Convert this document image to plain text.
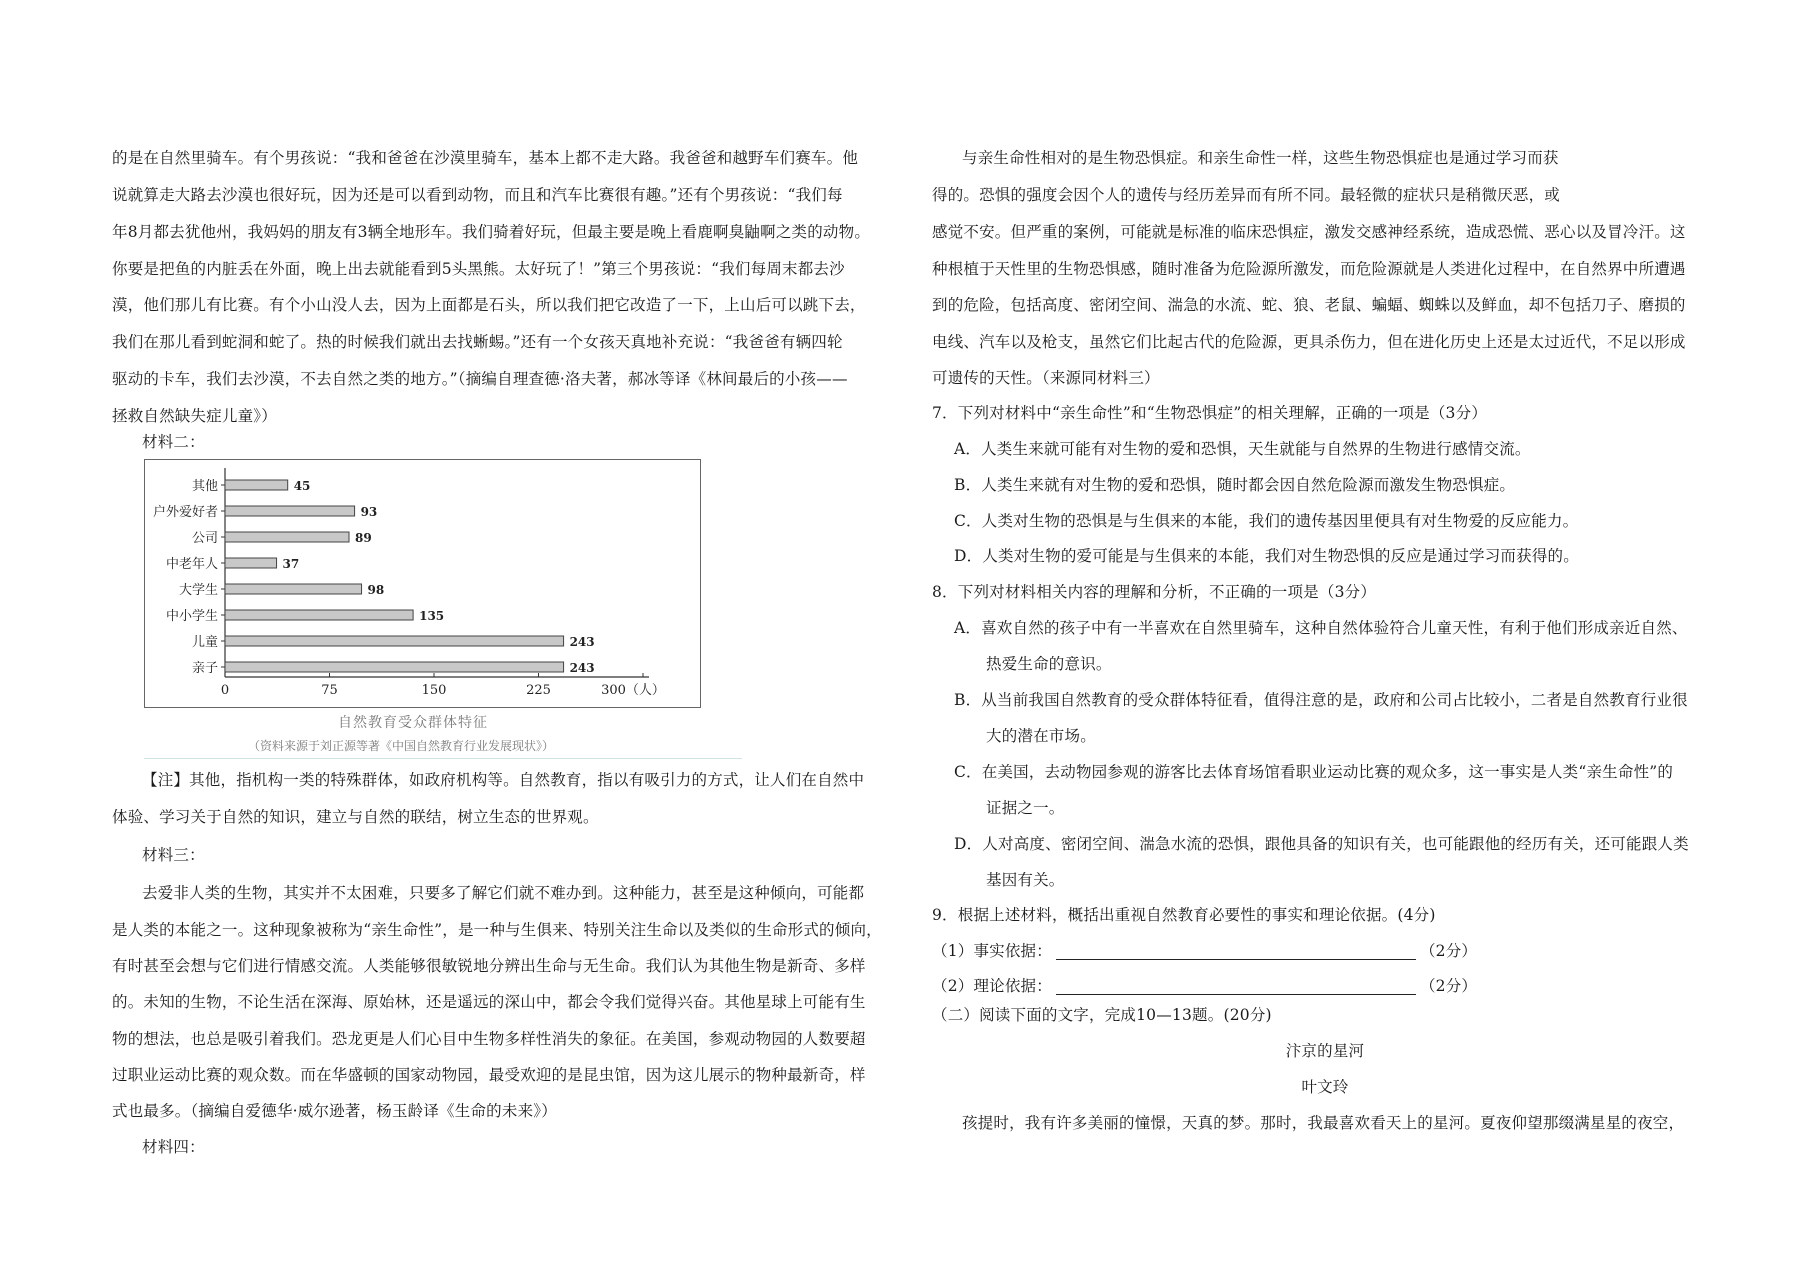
的是在自然里骑车。有个男孩说：“我和爸爸在沙漠里骑车，基本上都不走大路。我爸爸和越野车们赛车。他
说就算走大路去沙漠也很好玩，因为还是可以看到动物，而且和汽车比赛很有趣。”还有个男孩说：“我们每
年8月都去犹他州，我妈妈的朋友有3辆全地形车。我们骑着好玩，但最主要是晚上看鹿啊臭鼬啊之类的动物。
你要是把鱼的内脏丢在外面，晚上出去就能看到5头黑熊。太好玩了！”第三个男孩说：“我们每周末都去沙
漠，他们那儿有比赛。有个小山没人去，因为上面都是石头，所以我们把它改造了一下，上山后可以跳下去，
我们在那儿看到蛇洞和蛇了。热的时候我们就出去找蜥蜴。”还有一个女孩天真地补充说：“我爸爸有辆四轮
驱动的卡车，我们去沙漠，不去自然之类的地方。”（摘编自理查德·洛夫著，郝冰等译《林间最后的小孩——
拯救自然缺失症儿童》）
材料二：
【注】其他，指机构一类的特殊群体，如政府机构等。自然教育，指以有吸引力的方式，让人们在自然中
体验、学习关于自然的知识，建立与自然的联结，树立生态的世界观。
材料三：
去爱非人类的生物，其实并不太困难，只要多了解它们就不难办到。这种能力，甚至是这种倾向，可能都
是人类的本能之一。这种现象被称为“亲生命性”，是一种与生俱来、特别关注生命以及类似的生命形式的倾向，
有时甚至会想与它们进行情感交流。人类能够很敏锐地分辨出生命与无生命。我们认为其他生物是新奇、多样
的。未知的生物，不论生活在深海、原始林，还是遥远的深山中，都会令我们觉得兴奋。其他星球上可能有生
物的想法，也总是吸引着我们。恐龙更是人们心目中生物多样性消失的象征。在美国，参观动物园的人数要超
过职业运动比赛的观众数。而在华盛顿的国家动物园，最受欢迎的是昆虫馆，因为这儿展示的物种最新奇，样
式也最多。（摘编自爱德华·威尔逊著，杨玉龄译《生命的未来》）
材料四：
其他	45
户外爱好者	93
公司	89
中老年人	37
大学生	98
中小学生	135
儿童	243
亲子	243
0	75	150	225	300（人）
自然教育受众群体特征
（资料来源于刘正源等著《中国自然教育行业发展现状》）
与亲生命性相对的是生物恐惧症。和亲生命性一样，这些生物恐惧症也是通过学习而获
得的。恐惧的强度会因个人的遗传与经历差异而有所不同。最轻微的症状只是稍微厌恶，或
感觉不安。但严重的案例，可能就是标准的临床恐惧症，激发交感神经系统，造成恐慌、恶心以及冒冷汗。这
种根植于天性里的生物恐惧感，随时准备为危险源所激发，而危险源就是人类进化过程中，在自然界中所遭遇
到的危险，包括高度、密闭空间、湍急的水流、蛇、狼、老鼠、蝙蝠、蜘蛛以及鲜血，却不包括刀子、磨损的
电线、汽车以及枪支，虽然它们比起古代的危险源，更具杀伤力，但在进化历史上还是太过近代，不足以形成
可遗传的天性。（来源同材料三）
7．下列对材料中“亲生命性”和“生物恐惧症”的相关理解，正确的一项是（3分）
A．人类生来就可能有对生物的爱和恐惧，天生就能与自然界的生物进行感情交流。
B．人类生来就有对生物的爱和恐惧，随时都会因自然危险源而激发生物恐惧症。
C．人类对生物的恐惧是与生俱来的本能，我们的遗传基因里便具有对生物爱的反应能力。
D．人类对生物的爱可能是与生俱来的本能，我们对生物恐惧的反应是通过学习而获得的。
8．下列对材料相关内容的理解和分析，不正确的一项是（3分）
A．喜欢自然的孩子中有一半喜欢在自然里骑车，这种自然体验符合儿童天性，有利于他们形成亲近自然、
热爱生命的意识。
B．从当前我国自然教育的受众群体特征看，值得注意的是，政府和公司占比较小，二者是自然教育行业很
大的潜在市场。
C．在美国，去动物园参观的游客比去体育场馆看职业运动比赛的观众多，这一事实是人类“亲生命性”的
证据之一。
D．人对高度、密闭空间、湍急水流的恐惧，跟他具备的知识有关，也可能跟他的经历有关，还可能跟人类
基因有关。
9．根据上述材料，概括出重视自然教育必要性的事实和理论依据。(4分)
（1）事实依据：	（2分）
（2）理论依据：	（2分）
（二）阅读下面的文字，完成10—13题。(20分)
汴京的星河
叶文玲
孩提时，我有许多美丽的憧憬，天真的梦。那时，我最喜欢看天上的星河。夏夜仰望那缀满星星的夜空，
